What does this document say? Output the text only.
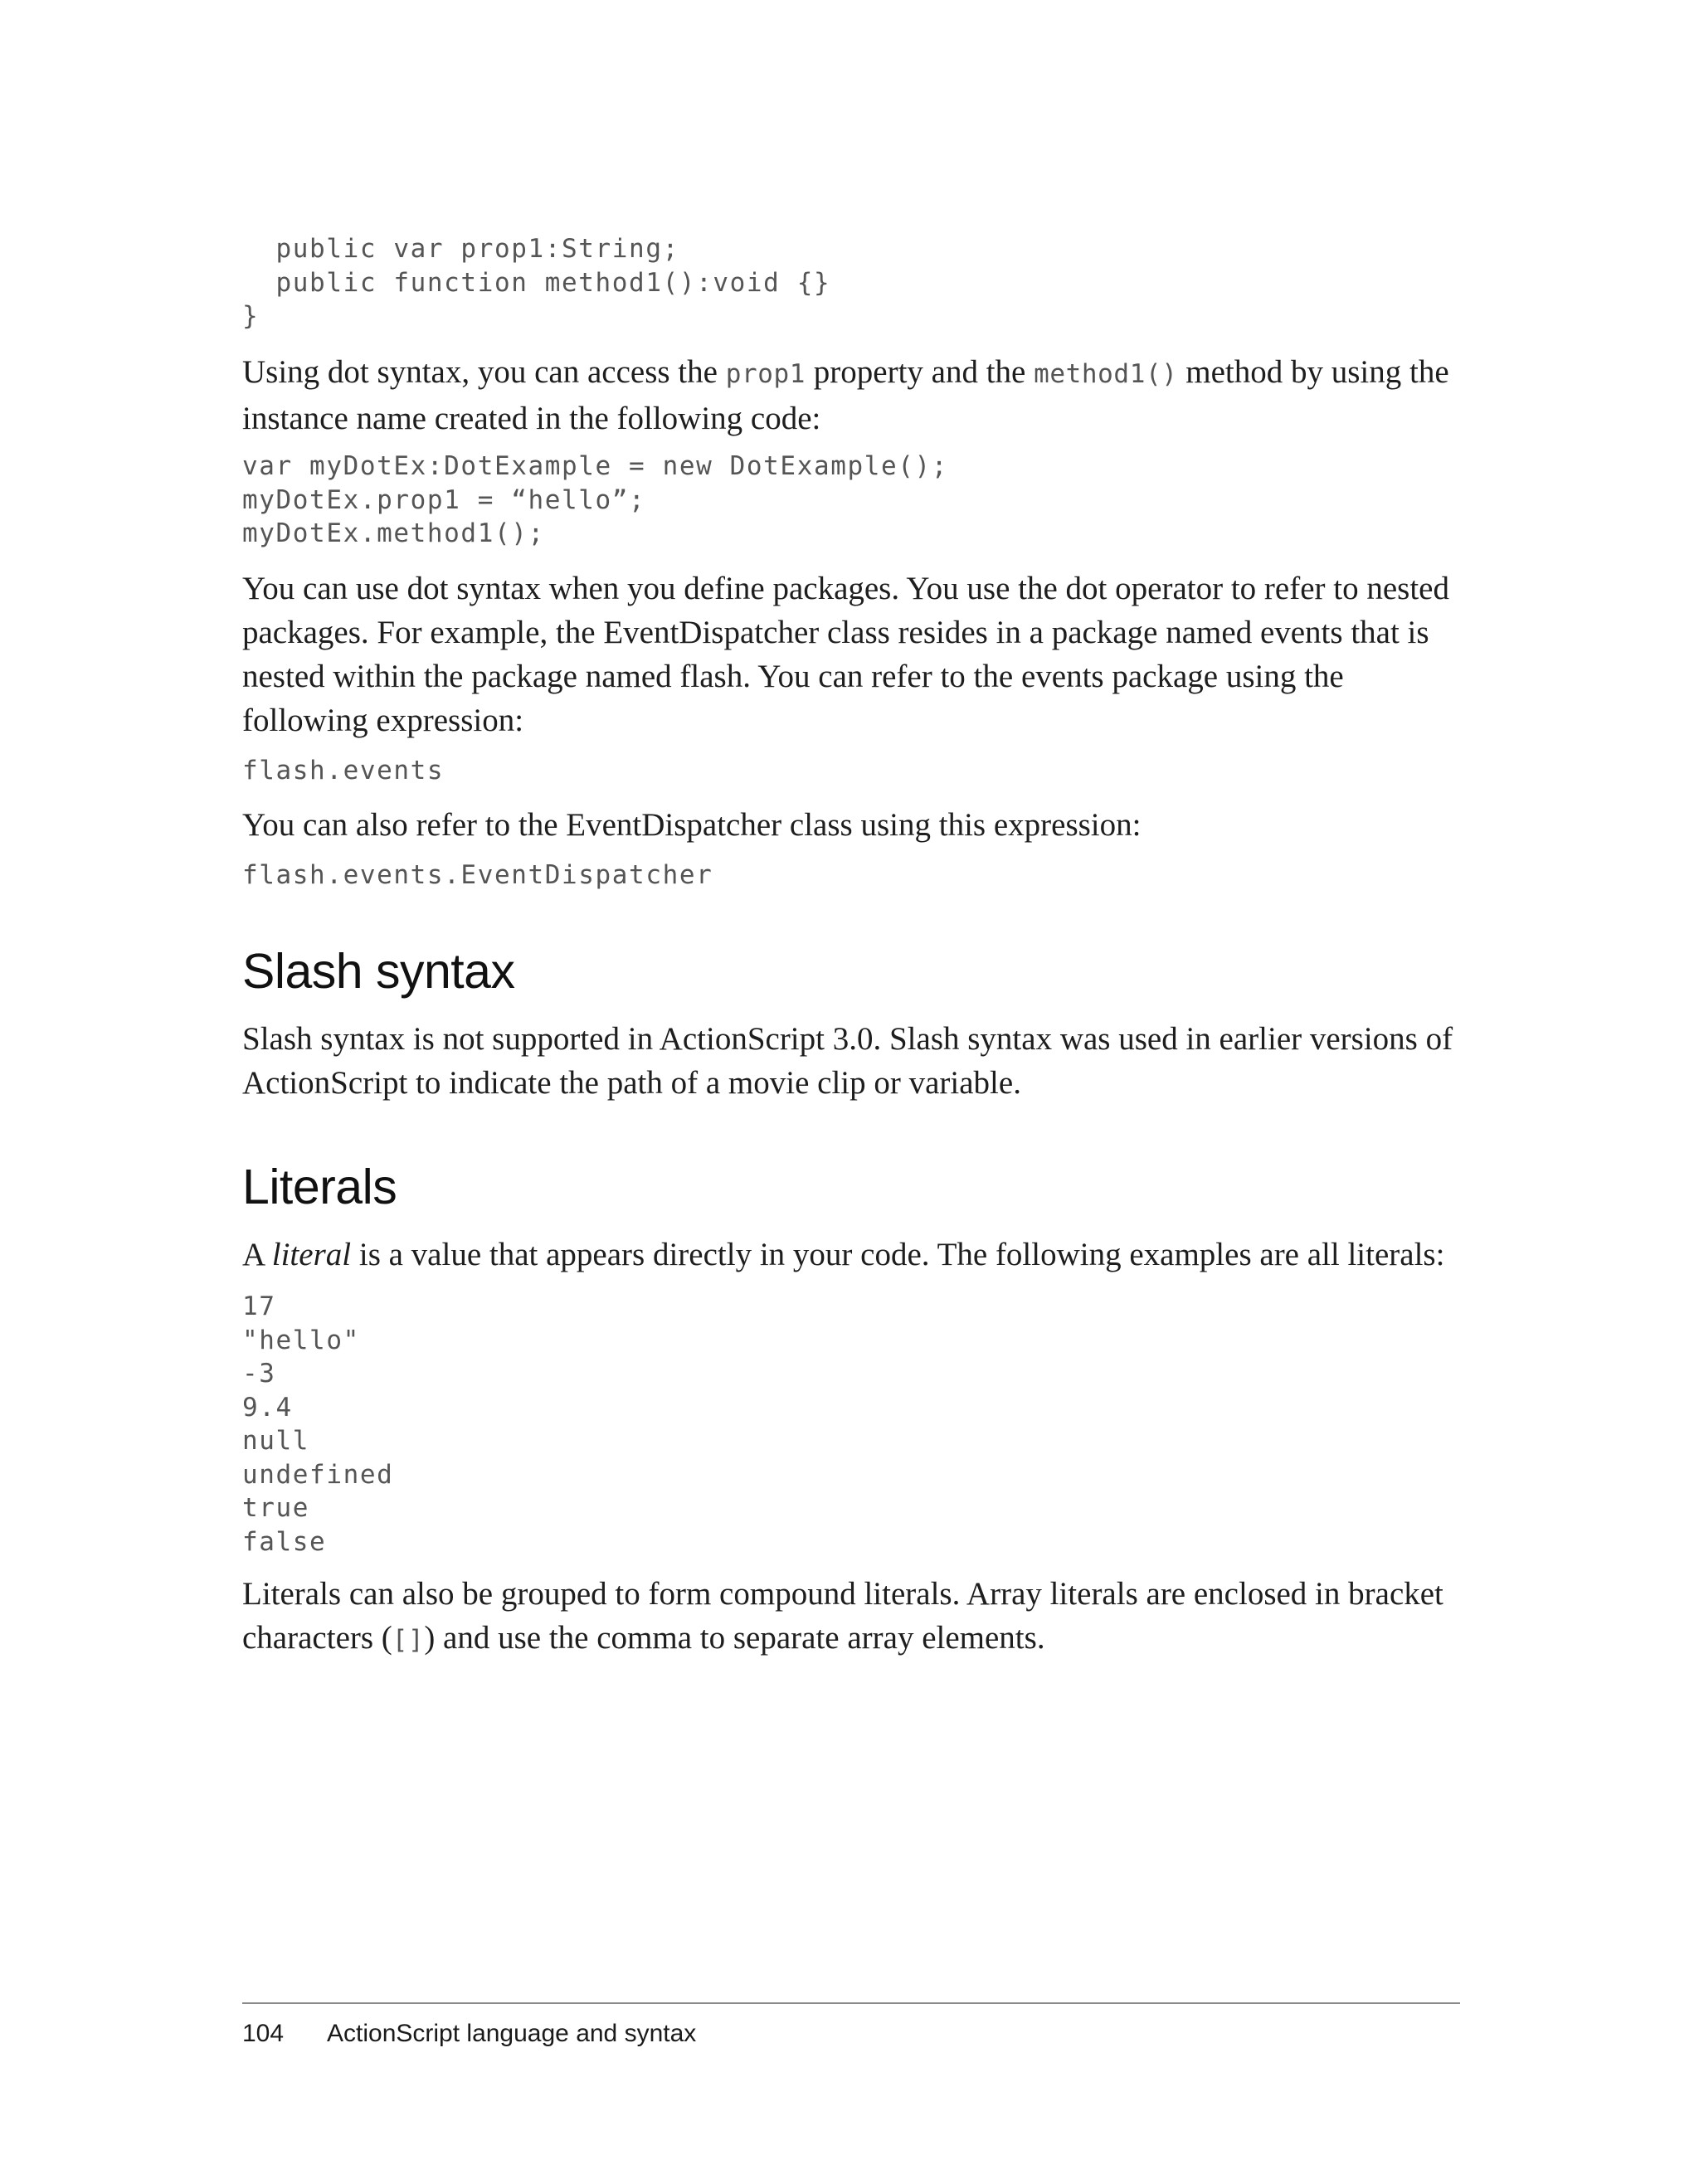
public var prop1:String;
public function method1():void {}
}

Using dot syntax, you can access the prop1 property and the method1() method by using the instance name created in the following code:

var myDotEx:DotExample = new DotExample();
myDotEx.prop1 = “hello”;
myDotEx.method1();

You can use dot syntax when you define packages. You use the dot operator to refer to nested packages. For example, the EventDispatcher class resides in a package named events that is nested within the package named flash. You can refer to the events package using the following expression:

flash.events

You can also refer to the EventDispatcher class using this expression:

flash.events.EventDispatcher
Slash syntax

Slash syntax is not supported in ActionScript 3.0. Slash syntax was used in earlier versions of ActionScript to indicate the path of a movie clip or variable.

Literals

A literal is a value that appears directly in your code. The following examples are all literals:

17
"hello"
-3
9.4
null
undefined
true
false

Literals can also be grouped to form compound literals. Array literals are enclosed in bracket characters ([]) and use the comma to separate array elements.

104 ActionScript language and syntax
